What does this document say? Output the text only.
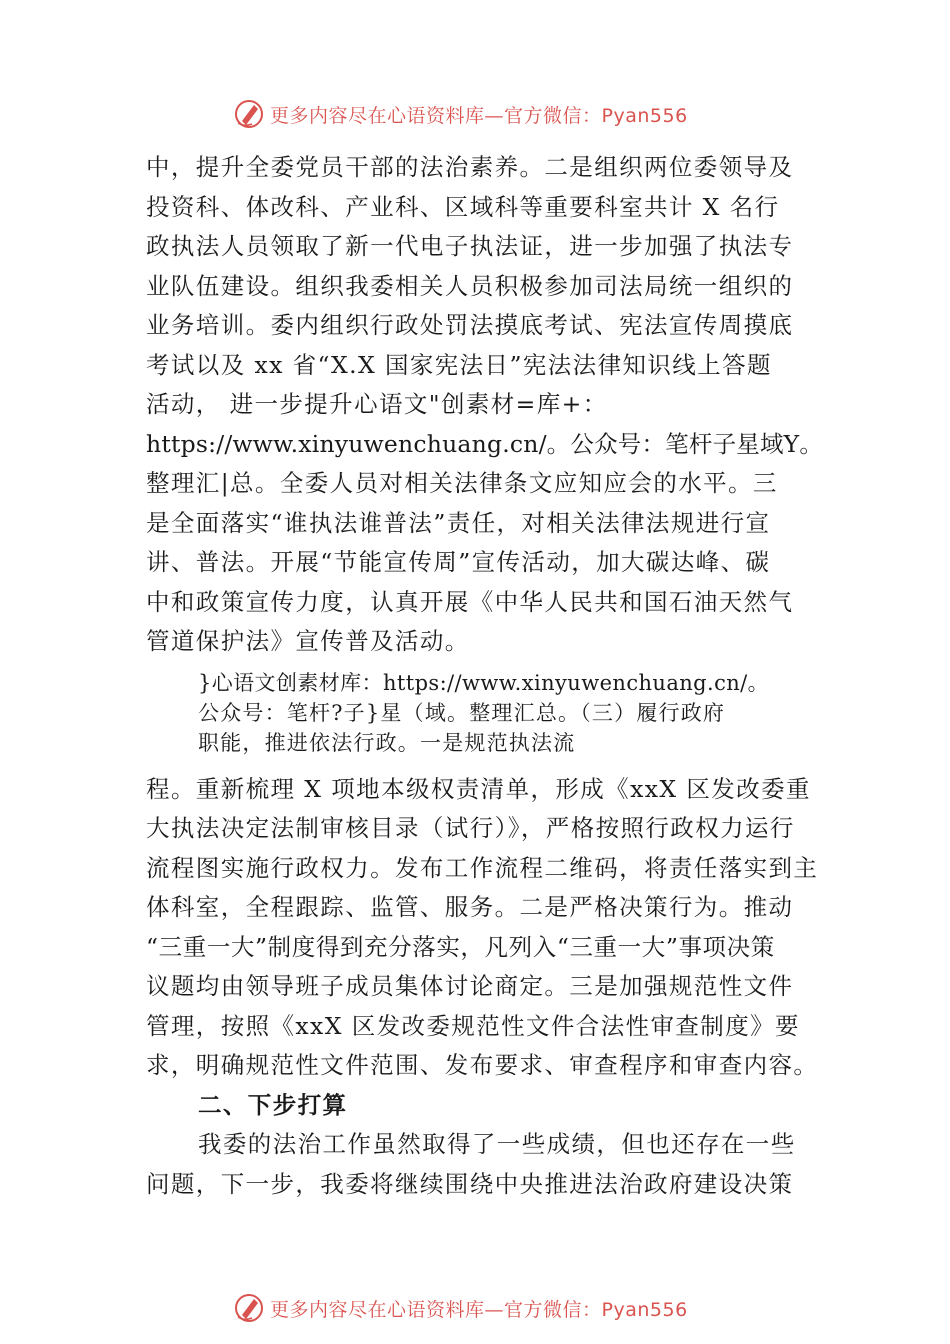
更多内容尽在心语资料库—官方微信：Pyan556
中，提升全委党员干部的法治素养。二是组织两位委领导及
投资科、体改科、产业科、区域科等重要科室共计 X 名行
政执法人员领取了新一代电子执法证，进一步加强了执法专
业队伍建设。组织我委相关人员积极参加司法局统一组织的
业务培训。委内组织行政处罚法摸底考试、宪法宣传周摸底
考试以及 xx 省“X.X 国家宪法日”宪法法律知识线上答题
活动， 进一步提升心语文"创素材=库+：
https://www.xinyuwenchuang.cn/。公众号：笔杆子星域Y。
整理汇|总。全委人员对相关法律条文应知应会的水平。三
是全面落实“谁执法谁普法”责任，对相关法律法规进行宣
讲、普法。开展“节能宣传周”宣传活动，加大碳达峰、碳
中和政策宣传力度，认真开展《中华人民共和国石油天然气
管道保护法》宣传普及活动。
}心语文创素材库：https://www.xinyuwenchuang.cn/。
公众号：笔杆?子}星（域。整理汇总。（三）履行政府
职能，推进依法行政。一是规范执法流
程。重新梳理 X 项地本级权责清单，形成《xxX 区发改委重
大执法决定法制审核目录（试行）》，严格按照行政权力运行
流程图实施行政权力。发布工作流程二维码，将责任落实到主
体科室，全程跟踪、监管、服务。二是严格决策行为。推动
“三重一大”制度得到充分落实，凡列入“三重一大”事项决策
议题均由领导班子成员集体讨论商定。三是加强规范性文件
管理，按照《xxX 区发改委规范性文件合法性审查制度》要
求，明确规范性文件范围、发布要求、审查程序和审查内容。
二、下步打算
我委的法治工作虽然取得了一些成绩，但也还存在一些
问题，下一步，我委将继续围绕中央推进法治政府建设决策
更多内容尽在心语资料库—官方微信：Pyan556
